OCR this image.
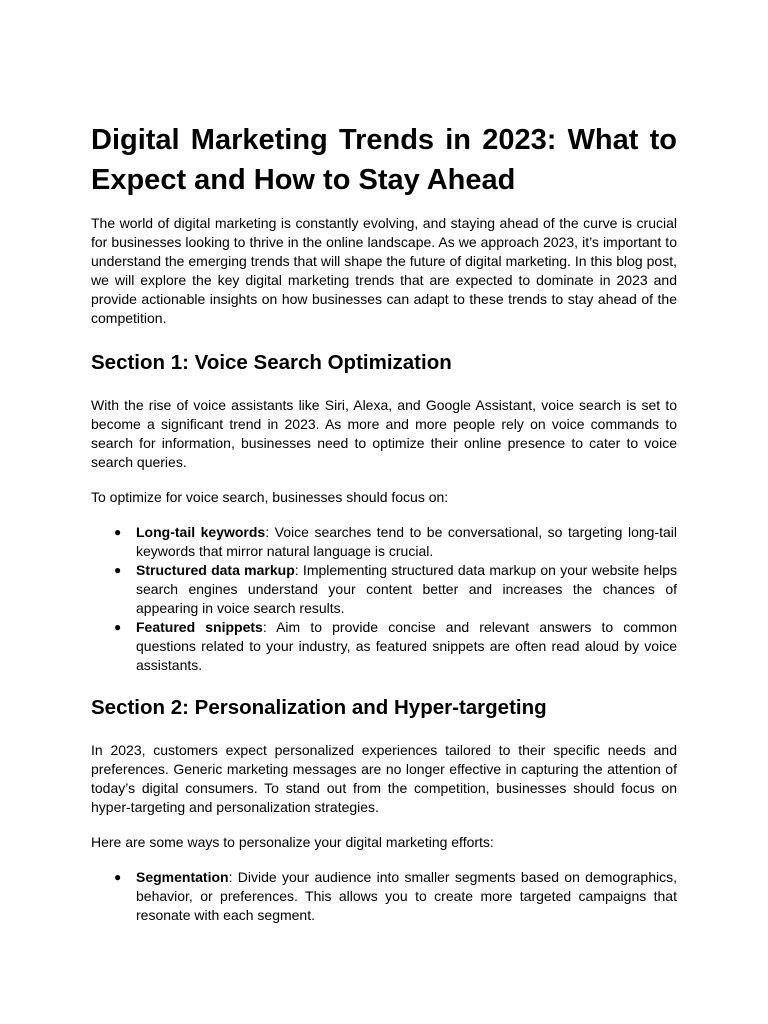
Digital Marketing Trends in 2023: What to Expect and How to Stay Ahead

The world of digital marketing is constantly evolving, and staying ahead of the curve is crucial for businesses looking to thrive in the online landscape. As we approach 2023, it’s important to understand the emerging trends that will shape the future of digital marketing. In this blog post, we will explore the key digital marketing trends that are expected to dominate in 2023 and provide actionable insights on how businesses can adapt to these trends to stay ahead of the competition.

Section 1: Voice Search Optimization

With the rise of voice assistants like Siri, Alexa, and Google Assistant, voice search is set to become a significant trend in 2023. As more and more people rely on voice commands to search for information, businesses need to optimize their online presence to cater to voice search queries.

To optimize for voice search, businesses should focus on:

● Long-tail keywords: Voice searches tend to be conversational, so targeting long-tail keywords that mirror natural language is crucial.
● Structured data markup: Implementing structured data markup on your website helps search engines understand your content better and increases the chances of appearing in voice search results.
● Featured snippets: Aim to provide concise and relevant answers to common questions related to your industry, as featured snippets are often read aloud by voice assistants.
Section 2: Personalization and Hyper-targeting

In 2023, customers expect personalized experiences tailored to their specific needs and preferences. Generic marketing messages are no longer effective in capturing the attention of today’s digital consumers. To stand out from the competition, businesses should focus on hyper-targeting and personalization strategies.

Here are some ways to personalize your digital marketing efforts:

● Segmentation: Divide your audience into smaller segments based on demographics, behavior, or preferences. This allows you to create more targeted campaigns that resonate with each segment.
